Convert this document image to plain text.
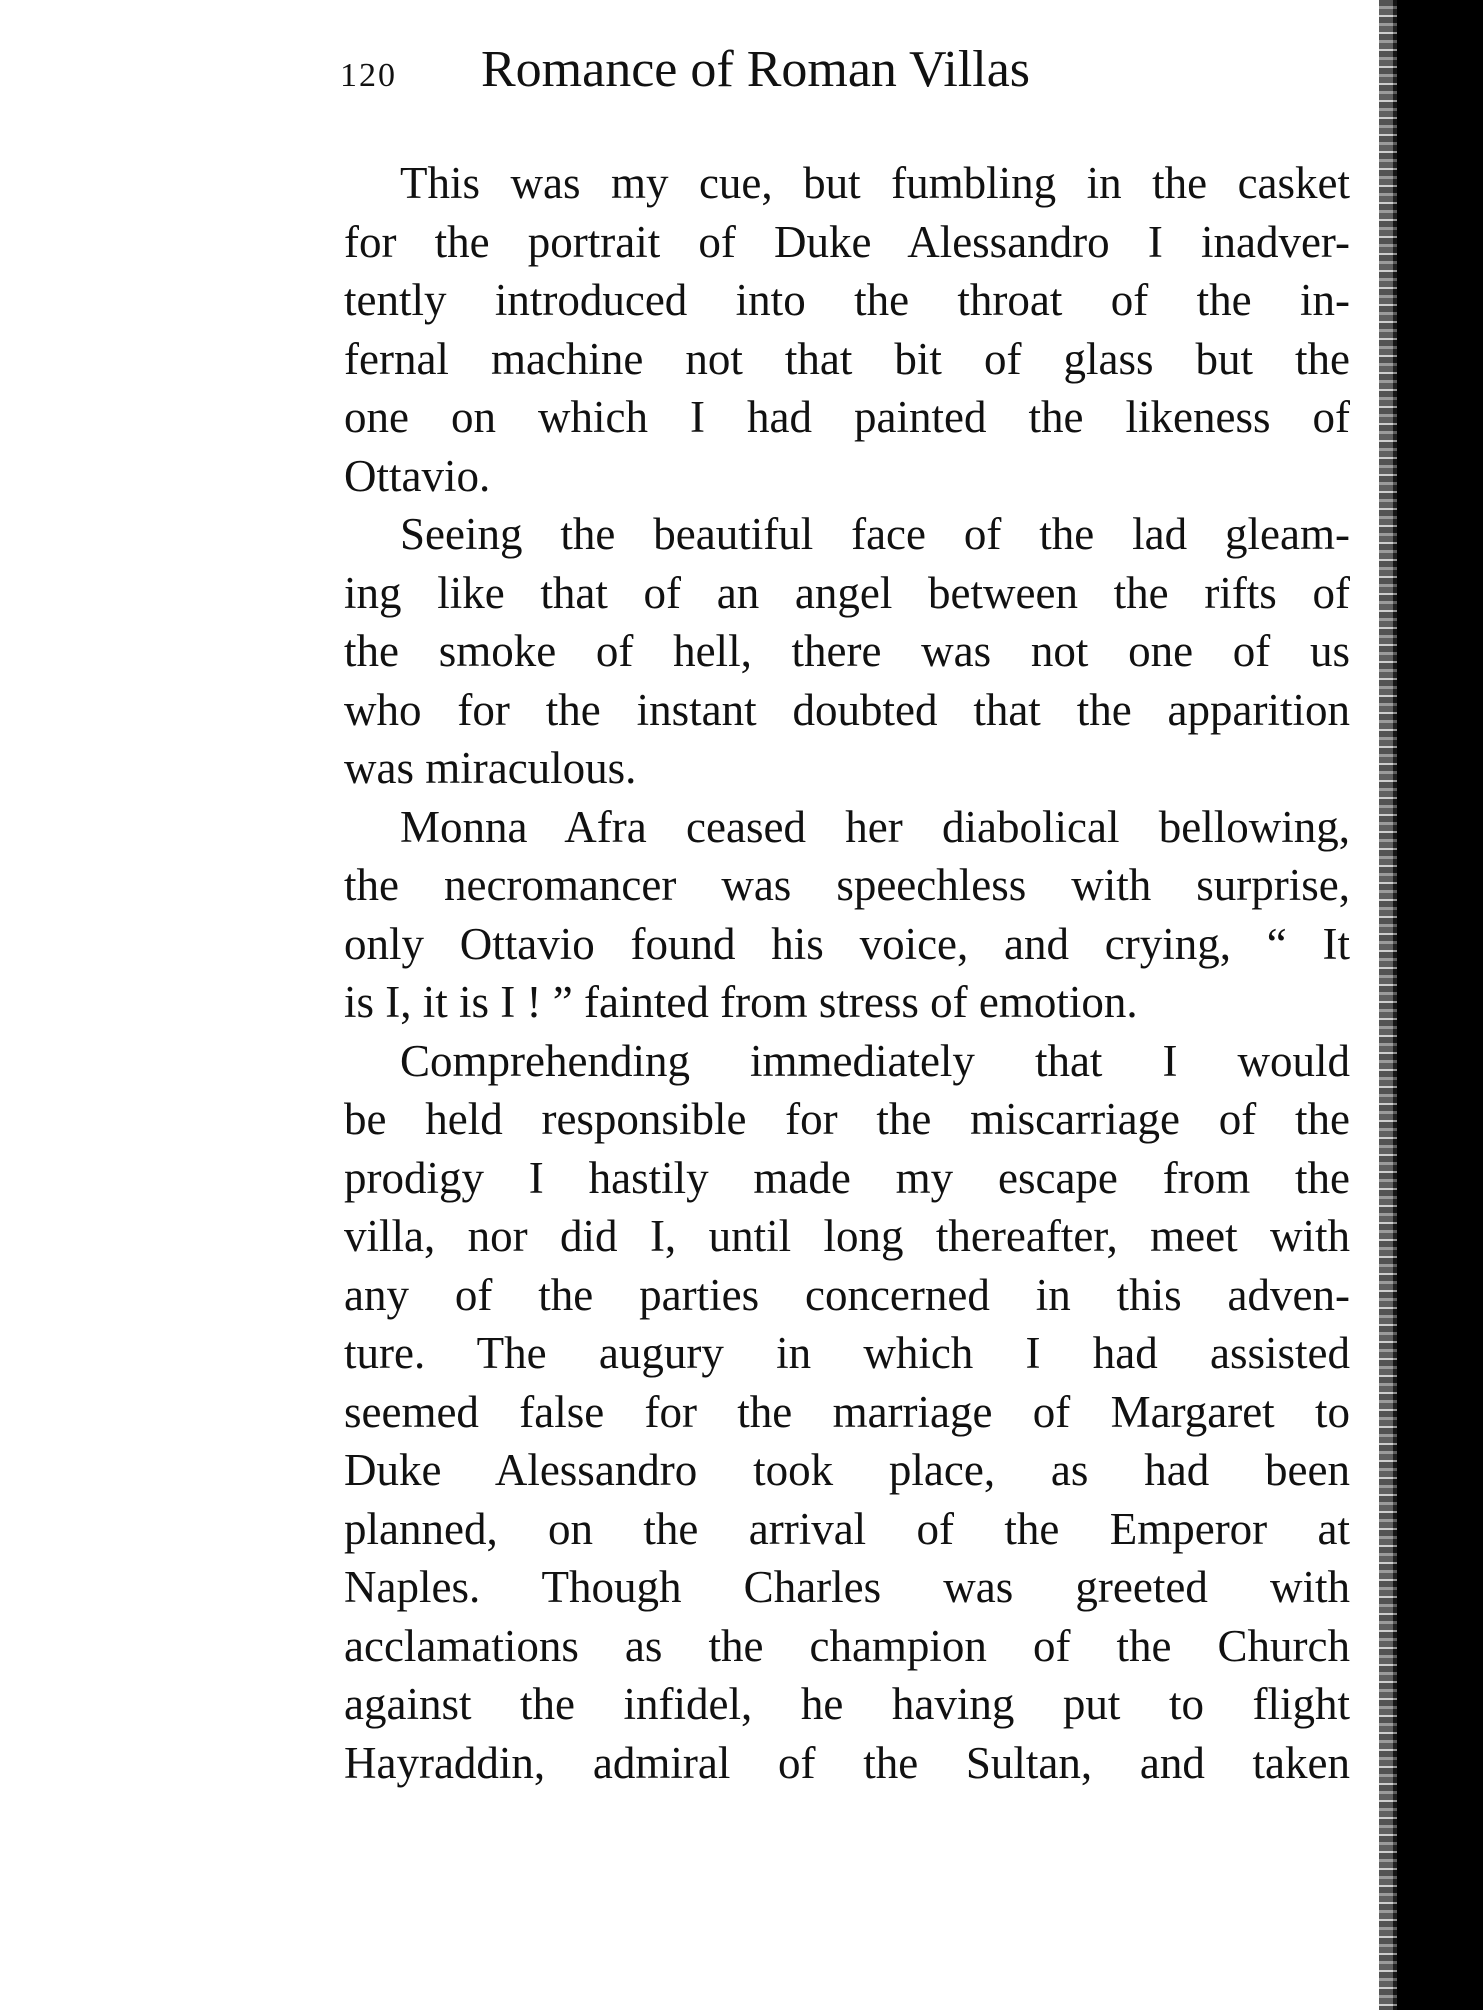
120 Romance of Roman Villas
This was my cue, but fumbling in the casket
for the portrait of Duke Alessandro I inadver-
tently introduced into the throat of the in-
fernal machine not that bit of glass but the
one on which I had painted the likeness of
Ottavio.
Seeing the beautiful face of the lad gleam-
ing like that of an angel between the rifts of
the smoke of hell, there was not one of us
who for the instant doubted that the apparition
was miraculous.
Monna Afra ceased her diabolical bellowing,
the necromancer was speechless with surprise,
only Ottavio found his voice, and crying, “ It
is I, it is I ! ” fainted from stress of emotion.
Comprehending immediately that I would
be held responsible for the miscarriage of the
prodigy I hastily made my escape from the
villa, nor did I, until long thereafter, meet with
any of the parties concerned in this adven-
ture. The augury in which I had assisted
seemed false for the marriage of Margaret to
Duke Alessandro took place, as had been
planned, on the arrival of the Emperor at
Naples. Though Charles was greeted with
acclamations as the champion of the Church
against the infidel, he having put to flight
Hayraddin, admiral of the Sultan, and taken
